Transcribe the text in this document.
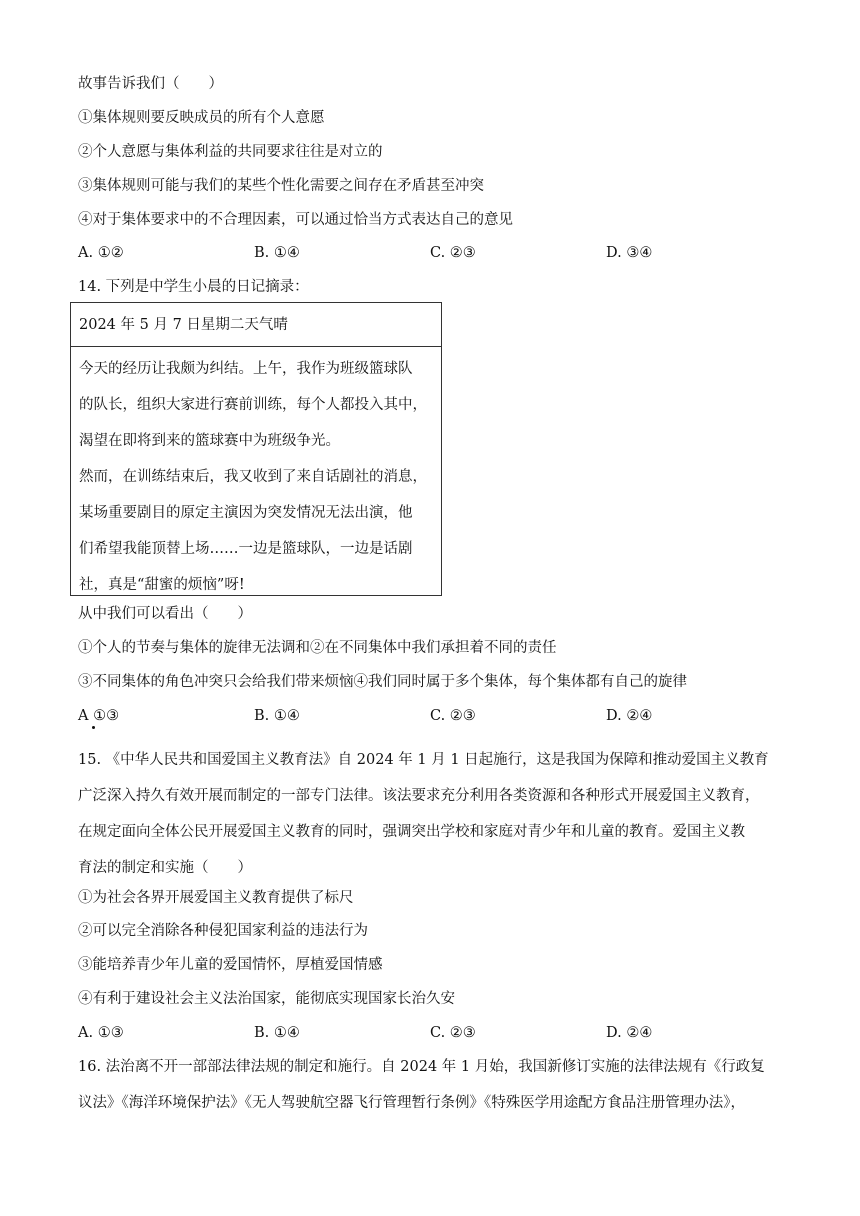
故事告诉我们（　　）
①集体规则要反映成员的所有个人意愿
②个人意愿与集体利益的共同要求往往是对立的
③集体规则可能与我们的某些个性化需要之间存在矛盾甚至冲突
④对于集体要求中的不合理因素，可以通过恰当方式表达自己的意见
A. ①②	B. ①④	C. ②③	D. ③④
14. 下列是中学生小晨的日记摘录：
2024 年 5 月 7 日星期二天气晴

今天的经历让我颇为纠结。上午，我作为班级篮球队

的队长，组织大家进行赛前训练，每个人都投入其中，

渴望在即将到来的篮球赛中为班级争光。

然而，在训练结束后，我又收到了来自话剧社的消息，

某场重要剧目的原定主演因为突发情况无法出演，他

们希望我能顶替上场……一边是篮球队，一边是话剧

社，真是“甜蜜的烦恼”呀!

从中我们可以看出（　　）
①个人的节奏与集体的旋律无法调和②在不同集体中我们承担着不同的责任
③不同集体的角色冲突只会给我们带来烦恼④我们同时属于多个集体，每个集体都有自己的旋律
A ①③	B. ①④	C. ②③	D. ②④

15. 《中华人民共和国爱国主义教育法》自 2024 年 1 月 1 日起施行，这是我国为保障和推动爱国主义教育

广泛深入持久有效开展而制定的一部专门法律。该法要求充分利用各类资源和各种形式开展爱国主义教育，

在规定面向全体公民开展爱国主义教育的同时，强调突出学校和家庭对青少年和儿童的教育。爱国主义教

育法的制定和实施（　　）

①为社会各界开展爱国主义教育提供了标尺
②可以完全消除各种侵犯国家利益的违法行为
③能培养青少年儿童的爱国情怀，厚植爱国情感
④有利于建设社会主义法治国家，能彻底实现国家长治久安
A. ①③	B. ①④	C. ②③	D. ②④

16. 法治离不开一部部法律法规的制定和施行。自 2024 年 1 月始，我国新修订实施的法律法规有《行政复

议法》《海洋环境保护法》《无人驾驶航空器飞行管理暂行条例》《特殊医学用途配方食品注册管理办法》，
